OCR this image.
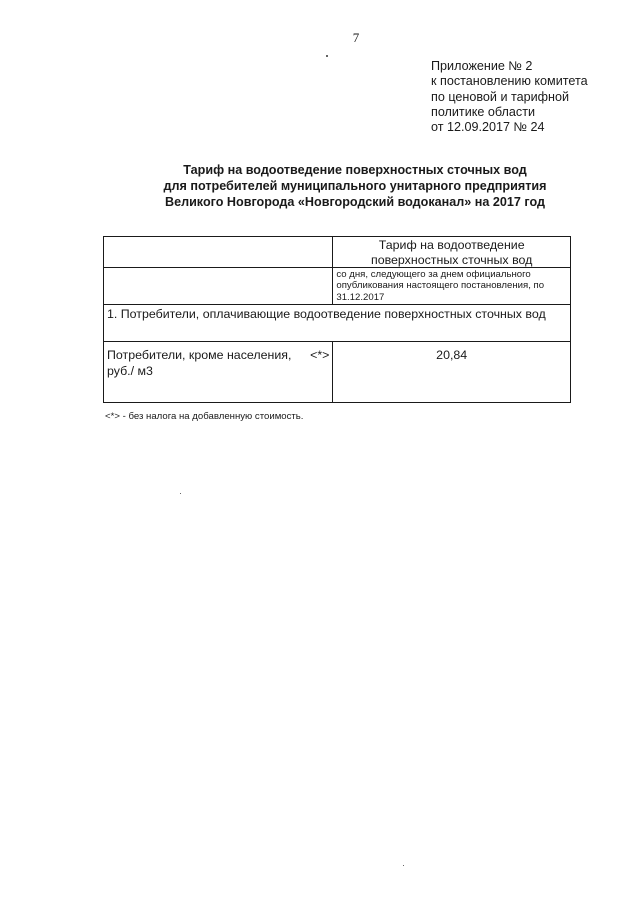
7
Приложение № 2
к постановлению комитета
по ценовой и тарифной
политике области
от 12.09.2017 № 24
Тариф на водоотведение поверхностных сточных вод
для потребителей муниципального унитарного предприятия
Великого Новгорода «Новгородский водоканал» на 2017 год
	Тариф на водоотведение поверхностных сточных вод
	со дня, следующего за днем официального опубликования настоящего постановления, по 31.12.2017
1. Потребители, оплачивающие водоотведение поверхностных сточных вод	

Потребители, кроме населения, <*>
руб./ м3	20,84
<*> - без налога на добавленную стоимость.
